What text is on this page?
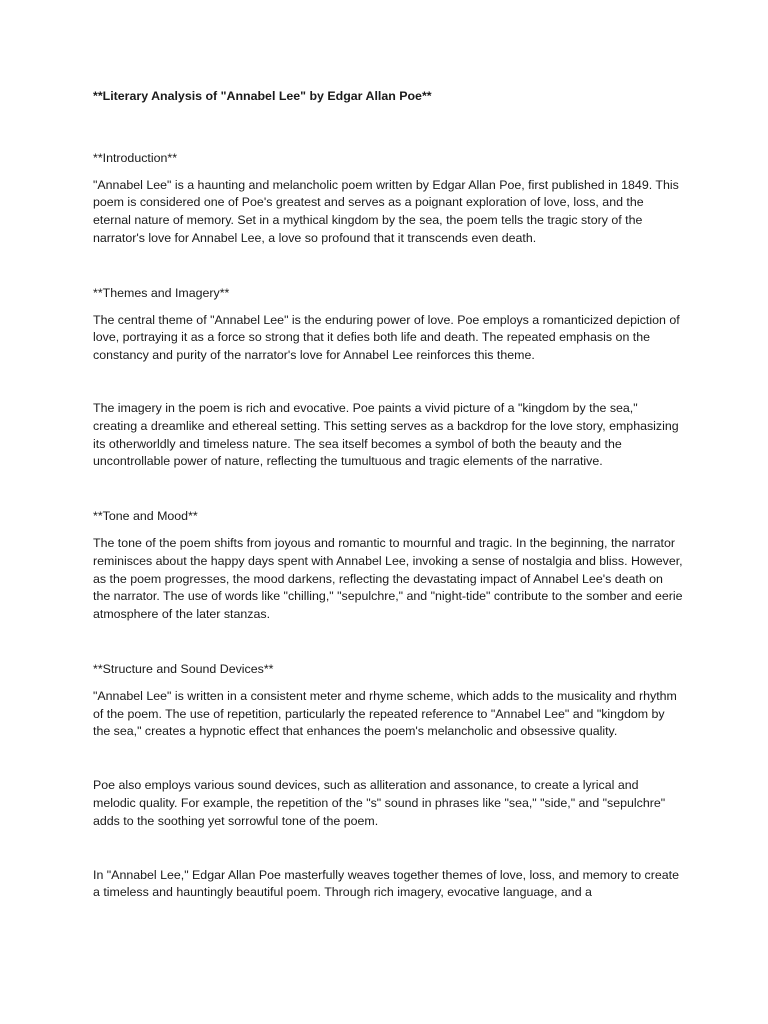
**Literary Analysis of "Annabel Lee" by Edgar Allan Poe**

**Introduction**

"Annabel Lee" is a haunting and melancholic poem written by Edgar Allan Poe, first published in 1849. This poem is considered one of Poe's greatest and serves as a poignant exploration of love, loss, and the eternal nature of memory. Set in a mythical kingdom by the sea, the poem tells the tragic story of the narrator's love for Annabel Lee, a love so profound that it transcends even death.

**Themes and Imagery**

The central theme of "Annabel Lee" is the enduring power of love. Poe employs a romanticized depiction of love, portraying it as a force so strong that it defies both life and death. The repeated emphasis on the constancy and purity of the narrator's love for Annabel Lee reinforces this theme.

The imagery in the poem is rich and evocative. Poe paints a vivid picture of a "kingdom by the sea," creating a dreamlike and ethereal setting. This setting serves as a backdrop for the love story, emphasizing its otherworldly and timeless nature. The sea itself becomes a symbol of both the beauty and the uncontrollable power of nature, reflecting the tumultuous and tragic elements of the narrative.

**Tone and Mood**

The tone of the poem shifts from joyous and romantic to mournful and tragic. In the beginning, the narrator reminisces about the happy days spent with Annabel Lee, invoking a sense of nostalgia and bliss. However, as the poem progresses, the mood darkens, reflecting the devastating impact of Annabel Lee's death on the narrator. The use of words like "chilling," "sepulchre," and "night-tide" contribute to the somber and eerie atmosphere of the later stanzas.

**Structure and Sound Devices**

"Annabel Lee" is written in a consistent meter and rhyme scheme, which adds to the musicality and rhythm of the poem. The use of repetition, particularly the repeated reference to "Annabel Lee" and "kingdom by the sea," creates a hypnotic effect that enhances the poem's melancholic and obsessive quality.

Poe also employs various sound devices, such as alliteration and assonance, to create a lyrical and melodic quality. For example, the repetition of the "s" sound in phrases like "sea," "side," and "sepulchre" adds to the soothing yet sorrowful tone of the poem.

In "Annabel Lee," Edgar Allan Poe masterfully weaves together themes of love, loss, and memory to create a timeless and hauntingly beautiful poem. Through rich imagery, evocative language, and a
